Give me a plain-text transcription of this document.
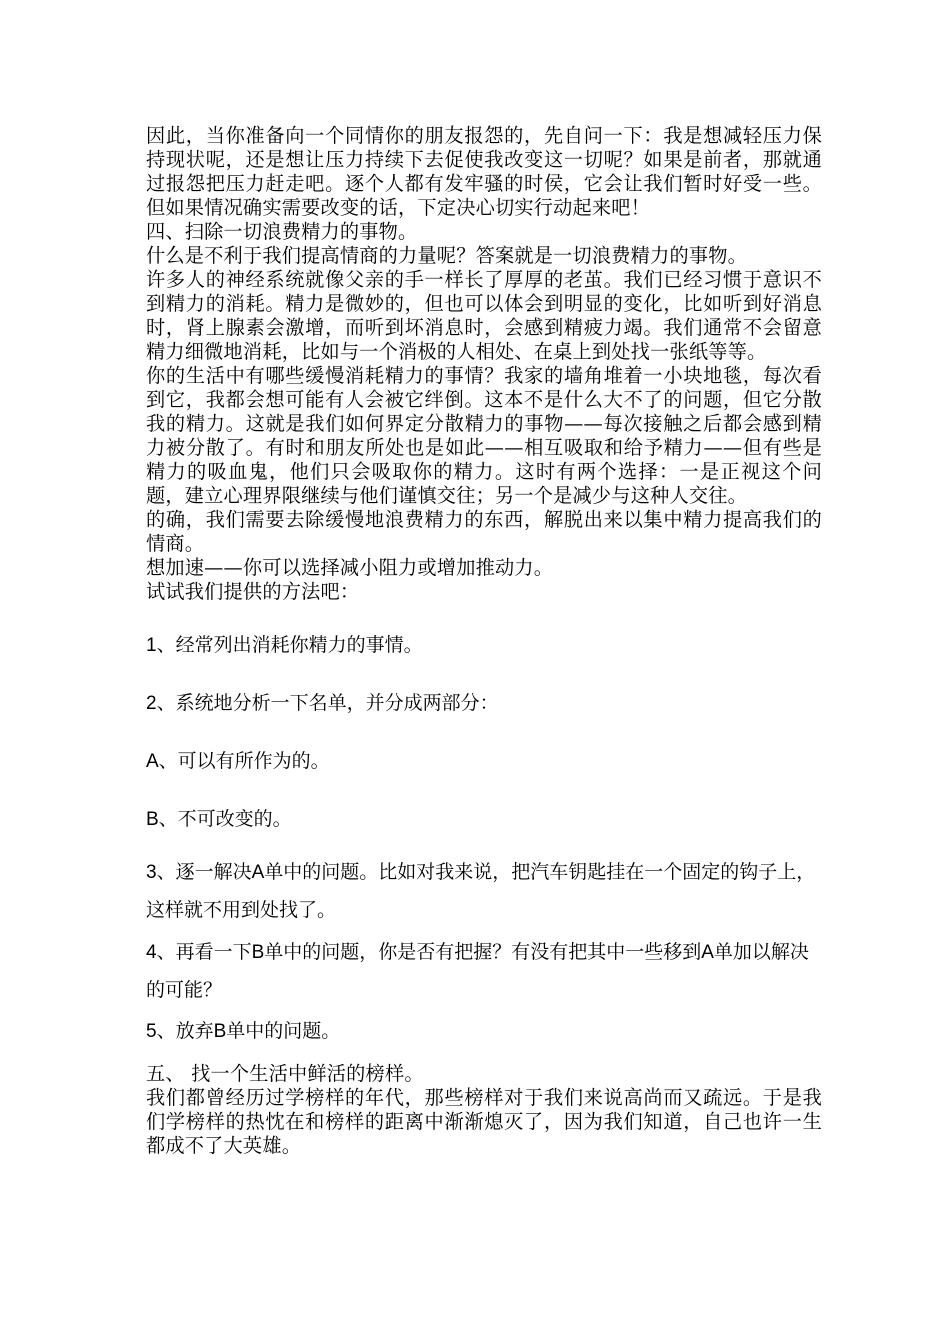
因此，当你准备向一个同情你的朋友报怨的，先自问一下：我是想减轻压力保持现状呢，还是想让压力持续下去促使我改变这一切呢？如果是前者，那就通过报怨把压力赶走吧。逐个人都有发牢骚的时侯，它会让我们暂时好受一些。但如果情况确实需要改变的话，下定决心切实行动起来吧！

四、扫除一切浪费精力的事物。

什么是不利于我们提高情商的力量呢？答案就是一切浪费精力的事物。

许多人的神经系统就像父亲的手一样长了厚厚的老茧。我们已经习惯于意识不到精力的消耗。精力是微妙的，但也可以体会到明显的变化，比如听到好消息时，肾上腺素会激增，而听到坏消息时，会感到精疲力竭。我们通常不会留意精力细微地消耗，比如与一个消极的人相处、在桌上到处找一张纸等等。

你的生活中有哪些缓慢消耗精力的事情？我家的墙角堆着一小块地毯，每次看到它，我都会想可能有人会被它绊倒。这本不是什么大不了的问题，但它分散我的精力。这就是我们如何界定分散精力的事物——每次接触之后都会感到精力被分散了。有时和朋友所处也是如此——相互吸取和给予精力——但有些是精力的吸血鬼，他们只会吸取你的精力。这时有两个选择：一是正视这个问题，建立心理界限继续与他们谨慎交往；另一个是减少与这种人交往。

的确，我们需要去除缓慢地浪费精力的东西，解脱出来以集中精力提高我们的情商。

想加速——你可以选择减小阻力或增加推动力。

试试我们提供的方法吧：

1、经常列出消耗你精力的事情。

2、系统地分析一下名单，并分成两部分：

A、可以有所作为的。

B、不可改变的。

3、逐一解决A单中的问题。比如对我来说，把汽车钥匙挂在一个固定的钩子上，这样就不用到处找了。

4、再看一下B单中的问题，你是否有把握？有没有把其中一些移到A单加以解决的可能？

5、放弃B单中的问题。

五、 找一个生活中鲜活的榜样。

我们都曾经历过学榜样的年代，那些榜样对于我们来说高尚而又疏远。于是我们学榜样的热忱在和榜样的距离中渐渐熄灭了，因为我们知道，自己也许一生都成不了大英雄。
